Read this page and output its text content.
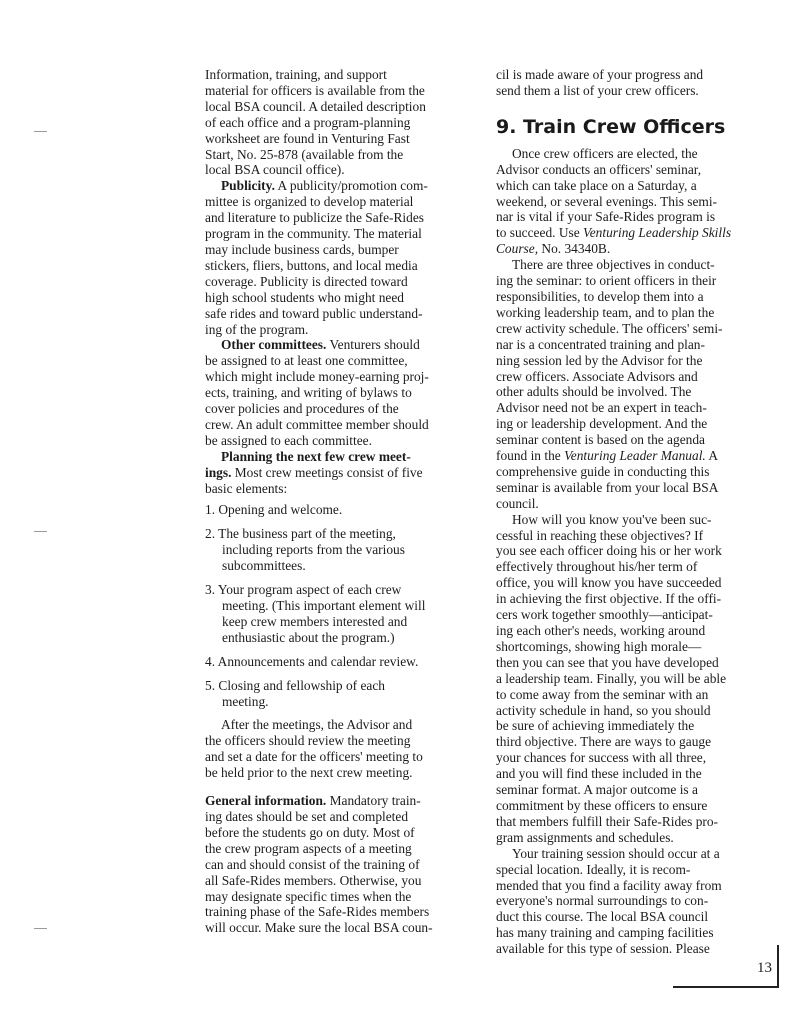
Information, training, and support
material for officers is available from the
local BSA council. A detailed description
of each office and a program-planning
worksheet are found in Venturing Fast
Start, No. 25-878 (available from the
local BSA council office).

Publicity. A publicity/promotion com-
mittee is organized to develop material
and literature to publicize the Safe-Rides
program in the community. The material
may include business cards, bumper
stickers, fliers, buttons, and local media
coverage. Publicity is directed toward
high school students who might need
safe rides and toward public understand-
ing of the program.

Other committees. Venturers should
be assigned to at least one committee,
which might include money-earning proj-
ects, training, and writing of bylaws to
cover policies and procedures of the
crew. An adult committee member should
be assigned to each committee.

Planning the next few crew meet-
ings. Most crew meetings consist of five
basic elements:

1. Opening and welcome.
2. The business part of the meeting,
including reports from the various
subcommittees.
3. Your program aspect of each crew
meeting. (This important element will
keep crew members interested and
enthusiastic about the program.)
4. Announcements and calendar review.
5. Closing and fellowship of each
meeting.

After the meetings, the Advisor and
the officers should review the meeting
and set a date for the officers' meeting to
be held prior to the next crew meeting.

General information. Mandatory train-
ing dates should be set and completed
before the students go on duty. Most of
the crew program aspects of a meeting
can and should consist of the training of
all Safe-Rides members. Otherwise, you
may designate specific times when the
training phase of the Safe-Rides members
will occur. Make sure the local BSA coun-

cil is made aware of your progress and
send them a list of your crew officers.

9. Train Crew Officers

Once crew officers are elected, the
Advisor conducts an officers' seminar,
which can take place on a Saturday, a
weekend, or several evenings. This semi-
nar is vital if your Safe-Rides program is
to succeed. Use Venturing Leadership Skills
Course, No. 34340B.

There are three objectives in conduct-
ing the seminar: to orient officers in their
responsibilities, to develop them into a
working leadership team, and to plan the
crew activity schedule. The officers' semi-
nar is a concentrated training and plan-
ning session led by the Advisor for the
crew officers. Associate Advisors and
other adults should be involved. The
Advisor need not be an expert in teach-
ing or leadership development. And the
seminar content is based on the agenda
found in the Venturing Leader Manual. A
comprehensive guide in conducting this
seminar is available from your local BSA
council.

How will you know you've been suc-
cessful in reaching these objectives? If
you see each officer doing his or her work
effectively throughout his/her term of
office, you will know you have succeeded
in achieving the first objective. If the offi-
cers work together smoothly—anticipat-
ing each other's needs, working around
shortcomings, showing high morale—
then you can see that you have developed
a leadership team. Finally, you will be able
to come away from the seminar with an
activity schedule in hand, so you should
be sure of achieving immediately the
third objective. There are ways to gauge
your chances for success with all three,
and you will find these included in the
seminar format. A major outcome is a
commitment by these officers to ensure
that members fulfill their Safe-Rides pro-
gram assignments and schedules.

Your training session should occur at a
special location. Ideally, it is recom-
mended that you find a facility away from
everyone's normal surroundings to con-
duct this course. The local BSA council
has many training and camping facilities
available for this type of session. Please

13
